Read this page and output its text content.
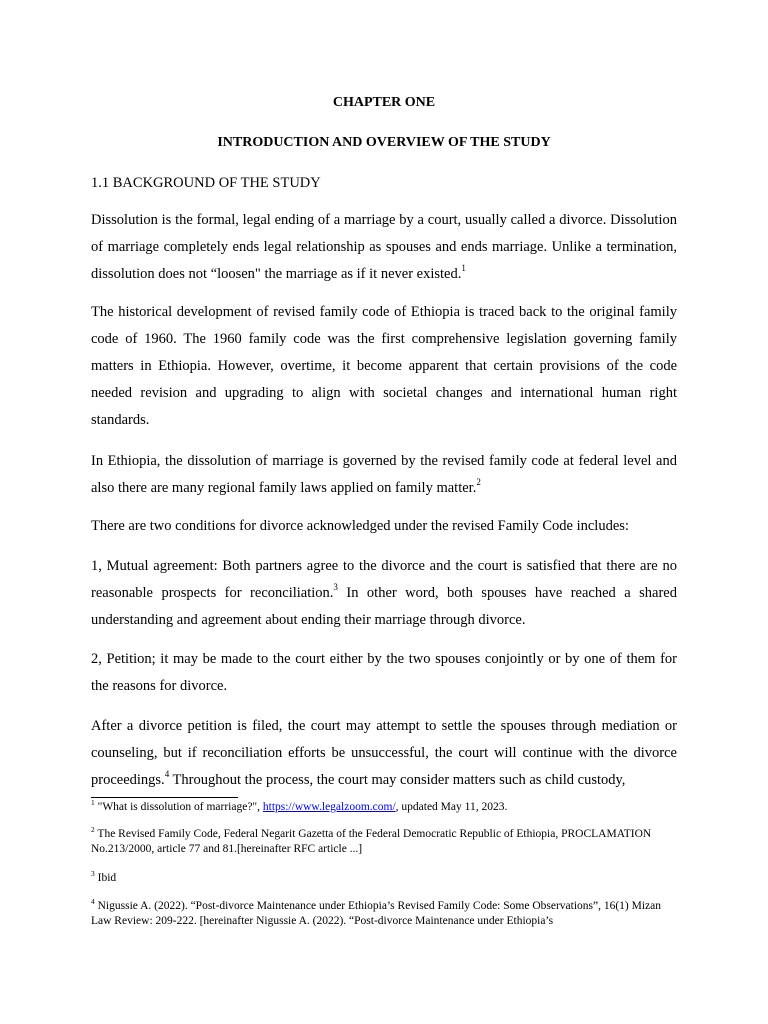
CHAPTER ONE
INTRODUCTION AND OVERVIEW OF THE STUDY
1.1 BACKGROUND OF THE STUDY

Dissolution is the formal, legal ending of a marriage by a court, usually called a divorce. Dissolution of marriage completely ends legal relationship as spouses and ends marriage. Unlike a termination, dissolution does not “loosen" the marriage as if it never existed.$^1$

The historical development of revised family code of Ethiopia is traced back to the original family code of 1960. The 1960 family code was the first comprehensive legislation governing family matters in Ethiopia. However, overtime, it become apparent that certain provisions of the code needed revision and upgrading to align with societal changes and international human right standards.

In Ethiopia, the dissolution of marriage is governed by the revised family code at federal level and also there are many regional family laws applied on family matter.$^2$

There are two conditions for divorce acknowledged under the revised Family Code includes:

1, Mutual agreement: Both partners agree to the divorce and the court is satisfied that there are no reasonable prospects for reconciliation.$^3$ In other word, both spouses have reached a shared understanding and agreement about ending their marriage through divorce.

2, Petition; it may be made to the court either by the two spouses conjointly or by one of them for the reasons for divorce.

After a divorce petition is filed, the court may attempt to settle the spouses through mediation or counseling, but if reconciliation efforts be unsuccessful, the court will continue with the divorce proceedings.$^4$ Throughout the process, the court may consider matters such as child custody,

$^1$ "What is dissolution of marriage?", https://www.legalzoom.com/, updated May 11, 2023.

$^2$ The Revised Family Code, Federal Negarit Gazetta of the Federal Democratic Republic of Ethiopia, PROCLAMATION No.213/2000, article 77 and 81.[hereinafter RFC article ...]

$^3$ Ibid

$^4$ Nigussie A. (2022). “Post-divorce Maintenance under Ethiopia’s Revised Family Code: Some Observations”, 16(1) Mizan Law Review: 209-222. [hereinafter Nigussie A. (2022). “Post-divorce Maintenance under Ethiopia’s
